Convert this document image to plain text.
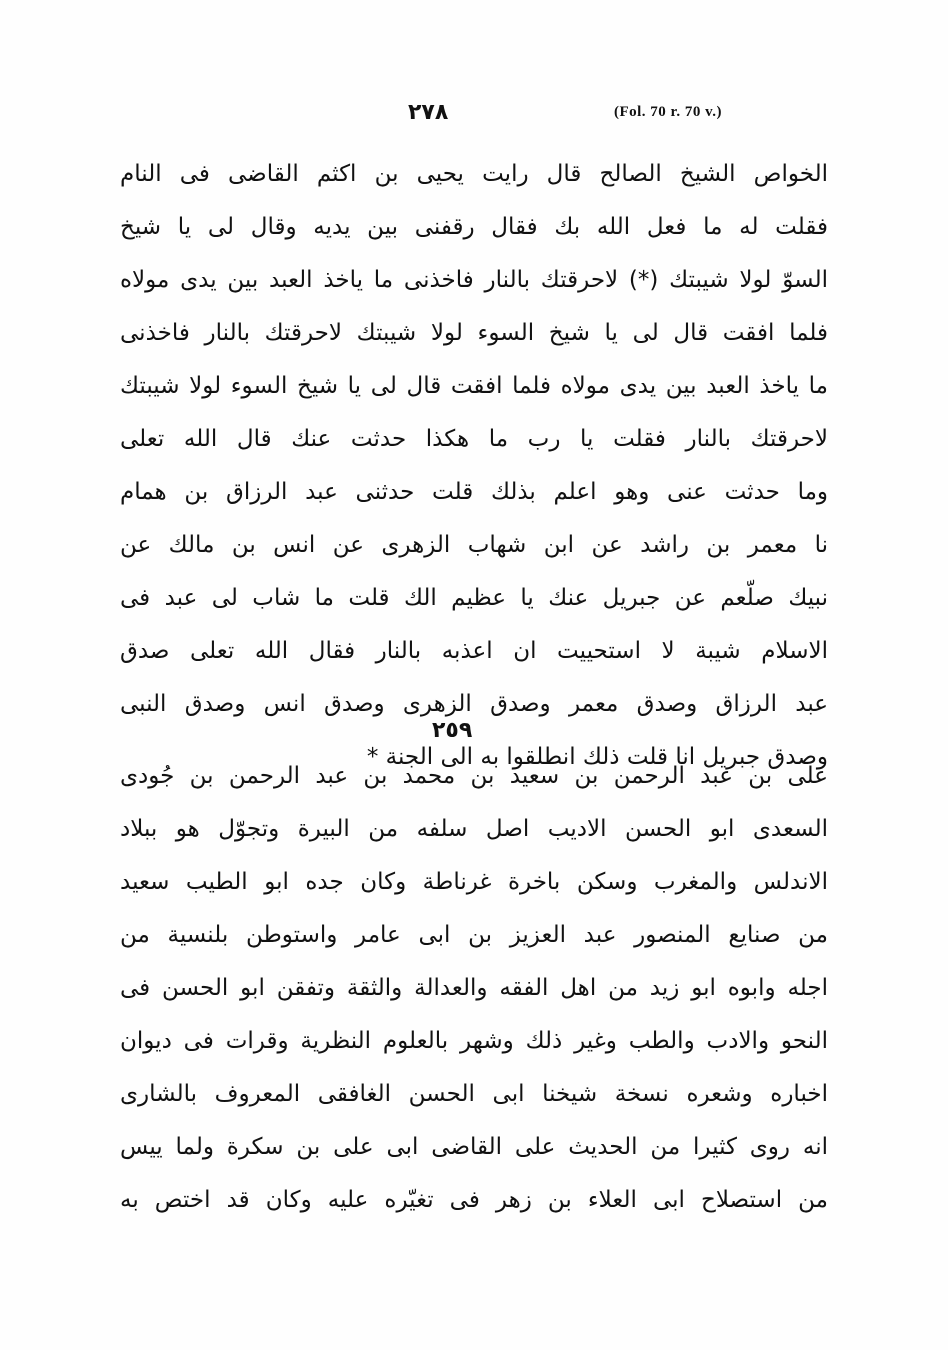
(Fol. 70 r. 70 v.)
٢٧٨
الخواص الشيخ الصالح قال رايت يحيى بن اكثم القاضى فى النام
فقلت له ما فعل الله بك فقال رقفنى بين يديه وقال لى يا شيخ
السوّ لولا شيبتك (*) لاحرقتك بالنار فاخذنى ما ياخذ العبد بين يدى مولاه
فلما افقت قال لى يا شيخ السوء لولا شيبتك لاحرقتك بالنار فاخذنى
ما ياخذ العبد بين يدى مولاه فلما افقت قال لى يا شيخ السوء لولا شيبتك
لاحرقتك بالنار فقلت يا رب ما هكذا حدثت عنك قال الله تعلى
وما حدثت عنى وهو اعلم بذلك قلت حدثنى عبد الرزاق بن همام
نا معمر بن راشد عن ابن شهاب الزهرى عن انس بن مالك عن
نبيك صلّعم عن جبريل عنك يا عظيم الك قلت ما شاب لى عبد فى
الاسلام شيبة لا استحييت ان اعذبه بالنار فقال الله تعلى صدق
عبد الرزاق وصدق معمر وصدق الزهرى وصدق انس وصدق النبى
وصدق جبريل انا قلت ذلك انطلقوا به الى الجنة *
٢٥٩
على بن عبد الرحمن بن سعيد بن محمد بن عبد الرحمن بن جُودى
السعدى ابو الحسن الاديب اصل سلفه من البيرة وتجوّل هو ببلاد
الاندلس والمغرب وسكن باخرة غرناطة وكان جده ابو الطيب سعيد
من صنايع المنصور عبد العزيز بن ابى عامر واستوطن بلنسية من
اجله وابوه ابو زيد من اهل الفقه والعدالة والثقة وتفقن ابو الحسن فى
النحو والادب والطب وغير ذلك وشهر بالعلوم النظرية وقرات فى ديوان
اخباره وشعره نسخة شيخنا ابى الحسن الغافقى المعروف بالشارى
انه روى كثيرا من الحديث على القاضى ابى على بن سكرة ولما ييس
من استصلاح ابى العلاء بن زهر فى تغيّره عليه وكان قد اختص به
